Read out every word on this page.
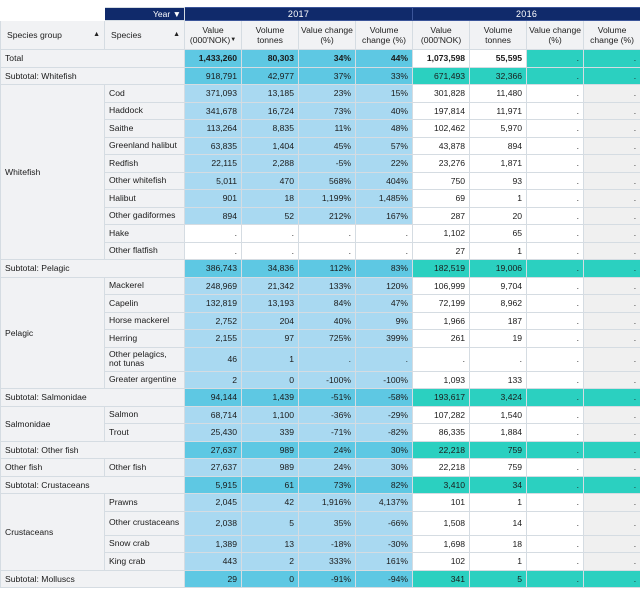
	Year ▼	2017				2016			
Species group ▲	Species ▲	Value (000'NOK)▼	Volume tonnes	Value change (%)	Volume change (%)	Value (000'NOK)	Volume tonnes	Value change (%)	Volume change (%)
Total		1,433,260	80,303	34%	44%	1,073,598	55,595	.	.
Subtotal: Whitefish		918,791	42,977	37%	33%	671,493	32,366	.	.
Whitefish	Cod	371,093	13,185	23%	15%	301,828	11,480	.	.
	Haddock	341,678	16,724	73%	40%	197,814	11,971	.	.
	Saithe	113,264	8,835	11%	48%	102,462	5,970	.	.
	Greenland halibut	63,835	1,404	45%	57%	43,878	894	.	.
	Redfish	22,115	2,288	-5%	22%	23,276	1,871	.	.
	Other whitefish	5,011	470	568%	404%	750	93	.	.
	Halibut	901	18	1,199%	1,485%	69	1	.	.
	Other gadiformes	894	52	212%	167%	287	20	.	.
	Hake	.	.	.	.	1,102	65	.	.
	Other flatfish	.	.	.	.	27	1	.	.
Subtotal: Pelagic		386,743	34,836	112%	83%	182,519	19,006	.	.
Pelagic	Mackerel	248,969	21,342	133%	120%	106,999	9,704	.	.
	Capelin	132,819	13,193	84%	47%	72,199	8,962	.	.
	Horse mackerel	2,752	204	40%	9%	1,966	187	.	.
	Herring	2,155	97	725%	399%	261	19	.	.
	Other pelagics, not tunas	46	1	.	.	.	.	.	.
	Greater argentine	2	0	-100%	-100%	1,093	133	.	.
Subtotal: Salmonidae		94,144	1,439	-51%	-58%	193,617	3,424	.	.
Salmonidae	Salmon	68,714	1,100	-36%	-29%	107,282	1,540	.	.
	Trout	25,430	339	-71%	-82%	86,335	1,884	.	.
Subtotal: Other fish		27,637	989	24%	30%	22,218	759	.	.
Other fish	Other fish	27,637	989	24%	30%	22,218	759	.	.
Subtotal: Crustaceans		5,915	61	73%	82%	3,410	34	.	.
Crustaceans	Prawns	2,045	42	1,916%	4,137%	101	1	.	.
	Other crustaceans	2,038	5	35%	-66%	1,508	14	.	.
	Snow crab	1,389	13	-18%	-30%	1,698	18	.	.
	King crab	443	2	333%	161%	102	1	.	.
Subtotal: Molluscs		29	0	-91%	-94%	341	5	.	.
